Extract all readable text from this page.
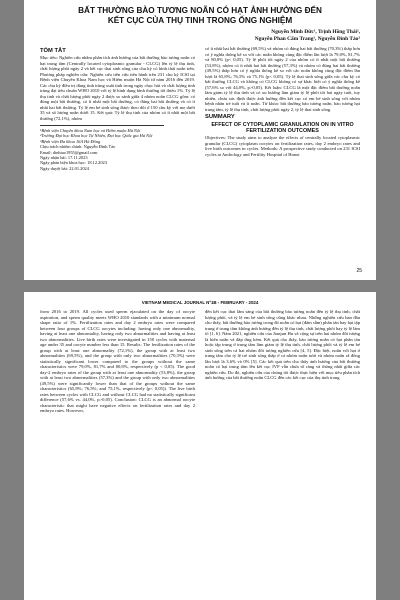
BẤT THƯỜNG BÀO TƯƠNG NOÃN CÓ HẠT ẢNH HƯỞNG ĐẾN
KẾT CỤC CỦA THỤ TINH TRONG ỐNG NGHIỆM
Nguyễn Minh Đức¹, Trịnh Hồng Thái²,
Nguyễn Phan Cẩm Trang¹, Nguyễn Đình Tảo³
TÓM TẮT

Mục tiêu: Nghiên cứu nhằm phân tích ảnh hưởng của bất thường bào tương noãn có hạt trung tâm (Centrally located cytoplasmic granular - CLCG) lên tỷ lệ thụ tinh, chất lượng phôi ngày 2 và kết cục thai sinh sống của chu kỳ có hình thái noãn trên. Phương pháp nghiên cứu: Nghiên cứu tiến cứu tiến hành trên 231 chu kỳ ICSI tại Bệnh viện Chuyên Khoa Nam học và Hiếm muộn Hà Nội từ năm 2016 đến 2019. Các chu kỳ điều trị dùng tinh trùng xuất tinh trong ngày chọc hút và chất lượng tinh trùng đạt tiêu chuẩn WHO 2010 với tỷ lệ hình dạng bình thường tối thiểu 1%. Tỷ lệ thụ tinh và chất lượng phôi ngày 2 được so sánh giữa 4 nhóm noãn CLCG gồm: có đúng một bất thường, có ít nhất một bất thường, có đúng hai bất thường và có ít nhất hai bất thường. Tỷ lệ em bé sinh sống được theo dõi ở 150 chu kỳ với mẹ dưới 35 và số lượng noãn dưới 15. Kết quả: Tỷ lệ thụ tinh của nhóm có ít nhất một bất thường (72,1%), nhóm

¹Bệnh viện Chuyên khoa Nam học và Hiếm muộn Hà Nội

²Trường Đại học Khoa học Tự Nhiên, Đại học Quốc gia Hà Nội

³Bệnh viện Đa khoa 16A Hà Đông

Chịu trách nhiệm chính: Nguyễn Đình Tảo

Email: dinhtao1955@gmail.com

Ngày nhận bài: 17.11.2023

Ngày phản biện khoa học: 18.12.2023

Ngày duyệt bài: 22.01.2024

có ít nhất hai bất thường (69,5%) và nhóm có đúng hai bất thường (70,3%) thấp hơn có ý nghĩa thống kê so với các noãn không cùng đặc điểm lần lượt là 79,0%, 81,7% và 80,8% (p< 0,05). Tỷ lệ phôi tốt ngày 2 của nhóm có ít nhất một bất thường (53,8%), nhóm có ít nhất hai bất thường (57,3%) và nhóm có đúng hai bất thường (49,5%) thấp hơn có ý nghĩa thống kê so với các noãn không cùng đặc điểm lần lượt là 65,8%; 76,5% và 75,1% (p< 0,05). Tỷ lệ thai sinh sống giữa các chu kỳ có bất thường CLCG và không có CLCG không có sự khác biệt có ý nghĩa thống kê (57,6% so với 44,0%, p>0,05). Kết luận: CLCG là một đặc điểm bất thường noãn làm giảm tỷ lệ thụ tinh và có xu hướng làm giảm tỷ lệ phôi tốt hai ngày tuổi, tuy nhiên, chưa xác định được ảnh hưởng đến kết cục có em bé sinh sống với nhóm bệnh nhân trẻ tuổi và ít noãn. Từ khóa: bất thường bào tương noãn, bào tương hạt trung tâm, tỷ lệ thụ tinh, chất lượng phôi ngày 2, tỷ lệ thai sinh sống.

SUMMARY
EFFECT OF CYTOPLAMIC GRANULATION ON IN VITRO FERTILIZATION OUTCOMES

Objectives: The study aims to analyze the effects of centrally located cytoplasmic granular (CLCG) cytoplasm oocytes on fertilization rates, day 2 embryo rates and live birth outcomes in cycles. Methods: A prospective study conducted on 231 ICSI cycles at Andrology and Fertility Hospital of Hanoi

25
VIETNAM MEDICAL JOURNAL Nº1B - FEBRUARY - 2024

from 2016 to 2019. All cycles used sperm ejaculated on the day of oocyte aspiration, and sperm quality meets WHO 2010 standards with a minimum normal shape ratio of 1%. Fertilization rates and day 2 embryo rates were compared between four groups of CLCG oocytes including: having only one abnormality, having at least one abnormality, having only two abnormalities and having at least two abnormalities. Live birth rates were investigated in 150 cycles with maternal age under 35 and oocyte number less than 15. Results: The fertilization rates of the group with at least one abnormality (72,1%), the group with at least two abnormalities (69,5%), and the group with only two abnormalities (70,3%) were statistically significant lower compared to the groups without the same characteristics were 79,0%, 81,7% and 80,8%, respectively (p < 0,05). The good day-2 embryo rates of the group with at least one abnormality (53,8%), the group with at least two abnormalities (57,3%) and the group with only two abnormalities (49,5%) were significantly lower than that of the groups without the same characteristics (65,8%; 76,5%; and 75,1%, respectively (p< 0,05)). The live birth rates between cycles with CLCG and without CLCG had no statistically significant difference (57,6% vs. 44,0%, p>0,05). Conclusion: CLCG is an abnormal oocyte characteristic that might have negative effects on fertilization rates and day 2 embryo rates. However,

đến kết cục thai lâm sàng của bất thường bào tương noãn đến tỷ lệ thụ tinh, chất lượng phôi, và tỷ lệ em bé sinh sống cũng khác nhau. Những nghiên cứu ban đầu cho thấy, bất thường bào tương trong đó noãn có hạt (đám sẫm) phân tán hay hạt tập trung ở trung tâm không ảnh hưởng đến tỷ lệ thụ tinh, chất lượng phôi hay tỷ lệ làm tổ [1, 6]. Năm 2021, nghiên cứu của Jianjun Hu và cộng sự trên hai nhóm đối tượng là hiến noãn và đáp ứng kém. Kết quả cho thấy, bào tương noãn có hạt phân tán hoặc tập trung ở trung tâm làm giảm tỷ lệ thụ tinh, chất lượng phôi và tỷ lệ em bé sinh sống trên cả hai nhóm đối tượng nghiên cứu [4, 5]. Đặc biệt, noãn với hạt ở trung tâm cho tỷ lệ trẻ sinh sống thấp ở cả nhóm noãn tươi và nhóm noãn rã đông lần lượt là 3,6% và 0% [5]. Các kết quả trên cho thấy ảnh hưởng của bất thường noãn có hạt trung tâm lên kết cục IVF vẫn chưa rõ ràng và thống nhất giữa các nghiên cứu. Do đó, nghiên cứu của chúng tôi được thực hiện với mục tiêu phân tích ảnh hưởng của bất thường noãn CLCG đến các kết cục của thụ tinh trong
